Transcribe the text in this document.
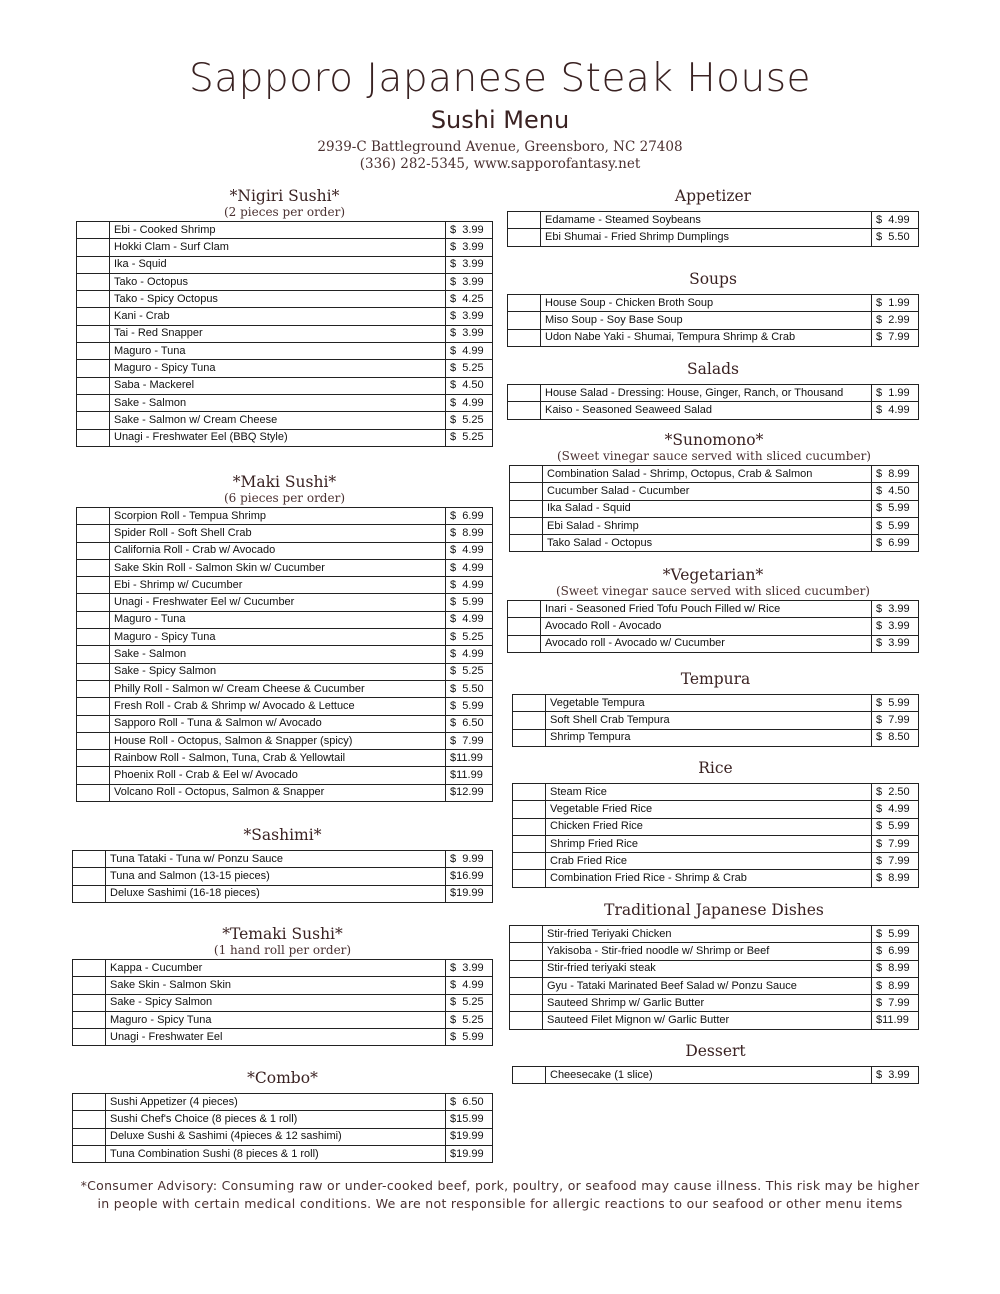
Sapporo Japanese Steak House
Sushi Menu
2939-C Battleground Avenue, Greensboro, NC 27408
(336) 282-5345, www.sapporofantasy.net
*Nigiri Sushi*
(2 pieces per order)
	Ebi - Cooked Shrimp	$  3.99
	Hokki Clam - Surf Clam	$  3.99
	Ika - Squid	$  3.99
	Tako - Octopus	$  3.99
	Tako - Spicy Octopus	$  4.25
	Kani - Crab	$  3.99
	Tai - Red Snapper	$  3.99
	Maguro - Tuna	$  4.99
	Maguro - Spicy Tuna	$  5.25
	Saba - Mackerel	$  4.50
	Sake - Salmon	$  4.99
	Sake - Salmon w/ Cream Cheese	$  5.25
	Unagi - Freshwater Eel (BBQ Style)	$  5.25
*Maki Sushi*
(6 pieces per order)
	Scorpion Roll - Tempua Shrimp	$  6.99
	Spider Roll - Soft Shell Crab	$  8.99
	California Roll - Crab w/ Avocado	$  4.99
	Sake Skin Roll - Salmon Skin w/ Cucumber	$  4.99
	Ebi - Shrimp w/ Cucumber	$  4.99
	Unagi - Freshwater Eel w/ Cucumber	$  5.99
	Maguro - Tuna	$  4.99
	Maguro - Spicy Tuna	$  5.25
	Sake - Salmon	$  4.99
	Sake - Spicy Salmon	$  5.25
	Philly Roll - Salmon w/ Cream Cheese & Cucumber	$  5.50
	Fresh Roll - Crab & Shrimp w/ Avocado & Lettuce	$  5.99
	Sapporo Roll - Tuna & Salmon w/ Avocado	$  6.50
	House Roll - Octopus, Salmon & Snapper (spicy)	$  7.99
	Rainbow Roll - Salmon, Tuna, Crab & Yellowtail	$11.99
	Phoenix Roll - Crab & Eel w/ Avocado	$11.99
	Volcano Roll - Octopus, Salmon & Snapper	$12.99
*Sashimi*
	Tuna Tataki - Tuna w/ Ponzu Sauce	$  9.99
	Tuna and Salmon (13-15 pieces)	$16.99
	Deluxe Sashimi (16-18 pieces)	$19.99
*Temaki Sushi*
(1 hand roll per order)
	Kappa - Cucumber	$  3.99
	Sake Skin - Salmon Skin	$  4.99
	Sake - Spicy Salmon	$  5.25
	Maguro - Spicy Tuna	$  5.25
	Unagi - Freshwater Eel	$  5.99
*Combo*
	Sushi Appetizer (4 pieces)	$  6.50
	Sushi Chef's Choice (8 pieces & 1 roll)	$15.99
	Deluxe Sushi & Sashimi (4pieces & 12 sashimi)	$19.99
	Tuna Combination Sushi (8 pieces & 1 roll)	$19.99
Appetizer
	Edamame - Steamed Soybeans	$  4.99
	Ebi Shumai - Fried Shrimp Dumplings	$  5.50
Soups
	House Soup - Chicken Broth Soup	$  1.99
	Miso Soup - Soy Base Soup	$  2.99
	Udon Nabe Yaki - Shumai, Tempura Shrimp & Crab	$  7.99
Salads
	House Salad - Dressing: House, Ginger, Ranch, or Thousand	$  1.99
	Kaiso - Seasoned Seaweed Salad	$  4.99
*Sunomono*
(Sweet vinegar sauce served with sliced cucumber)
	Combination Salad - Shrimp, Octopus, Crab & Salmon	$  8.99
	Cucumber Salad - Cucumber	$  4.50
	Ika Salad - Squid	$  5.99
	Ebi Salad - Shrimp	$  5.99
	Tako Salad - Octopus	$  6.99
*Vegetarian*
(Sweet vinegar sauce served with sliced cucumber)
	Inari - Seasoned Fried Tofu Pouch Filled w/ Rice	$  3.99
	Avocado Roll - Avocado	$  3.99
	Avocado roll - Avocado w/ Cucumber	$  3.99
Tempura
	Vegetable Tempura	$  5.99
	Soft Shell Crab Tempura	$  7.99
	Shrimp Tempura	$  8.50
Rice
	Steam Rice	$  2.50
	Vegetable Fried Rice	$  4.99
	Chicken Fried Rice	$  5.99
	Shrimp Fried Rice	$  7.99
	Crab Fried Rice	$  7.99
	Combination Fried Rice - Shrimp & Crab	$  8.99
Traditional Japanese Dishes
	Stir-fried Teriyaki Chicken	$  5.99
	Yakisoba - Stir-fried noodle w/ Shrimp or Beef	$  6.99
	Stir-fried teriyaki steak	$  8.99
	Gyu - Tataki Marinated Beef Salad w/ Ponzu Sauce	$  8.99
	Sauteed Shrimp w/ Garlic Butter	$  7.99
	Sauteed Filet Mignon w/ Garlic Butter	$11.99
Dessert
	Cheesecake (1 slice)	$  3.99
*Consumer Advisory: Consuming raw or under-cooked beef, pork, poultry, or seafood may cause illness. This risk may be higher
in people with certain medical conditions. We are not responsible for allergic reactions to our seafood or other menu items
